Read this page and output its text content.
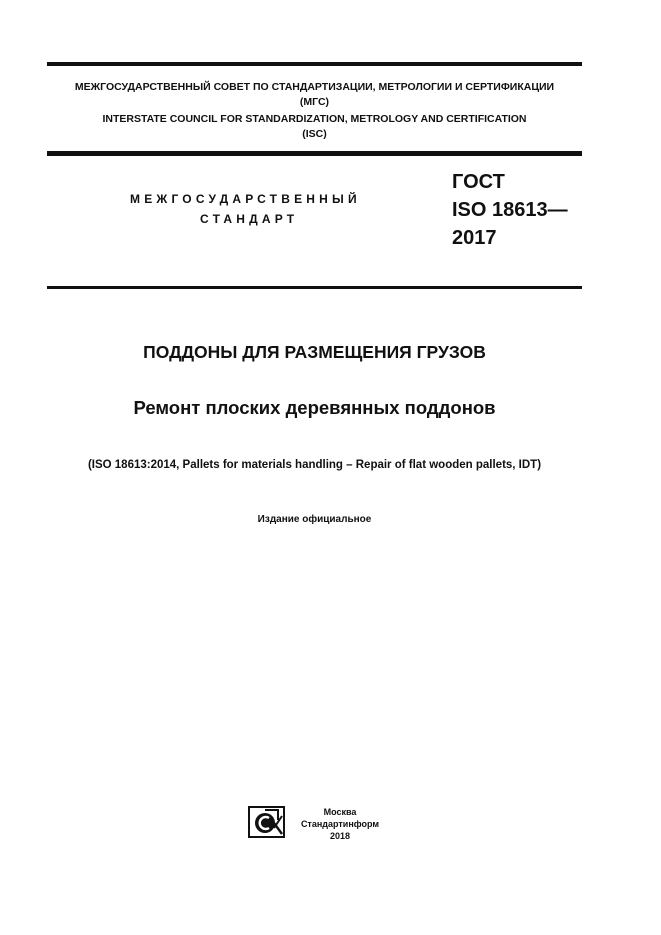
МЕЖГОСУДАРСТВЕННЫЙ СОВЕТ ПО СТАНДАРТИЗАЦИИ, МЕТРОЛОГИИ И СЕРТИФИКАЦИИ
(МГС)
INTERSTATE COUNCIL FOR STANDARDIZATION, METROLOGY AND CERTIFICATION
(ISC)
МЕЖГОСУДАРСТВЕННЫЙ
СТАНДАРТ
ГОСТ
ISO 18613—
2017
ПОДДОНЫ ДЛЯ РАЗМЕЩЕНИЯ ГРУЗОВ
Ремонт плоских деревянных поддонов
(ISO 18613:2014, Pallets for materials handling – Repair of flat wooden pallets, IDT)
Издание официальное
Москва
Стандартинформ
2018
